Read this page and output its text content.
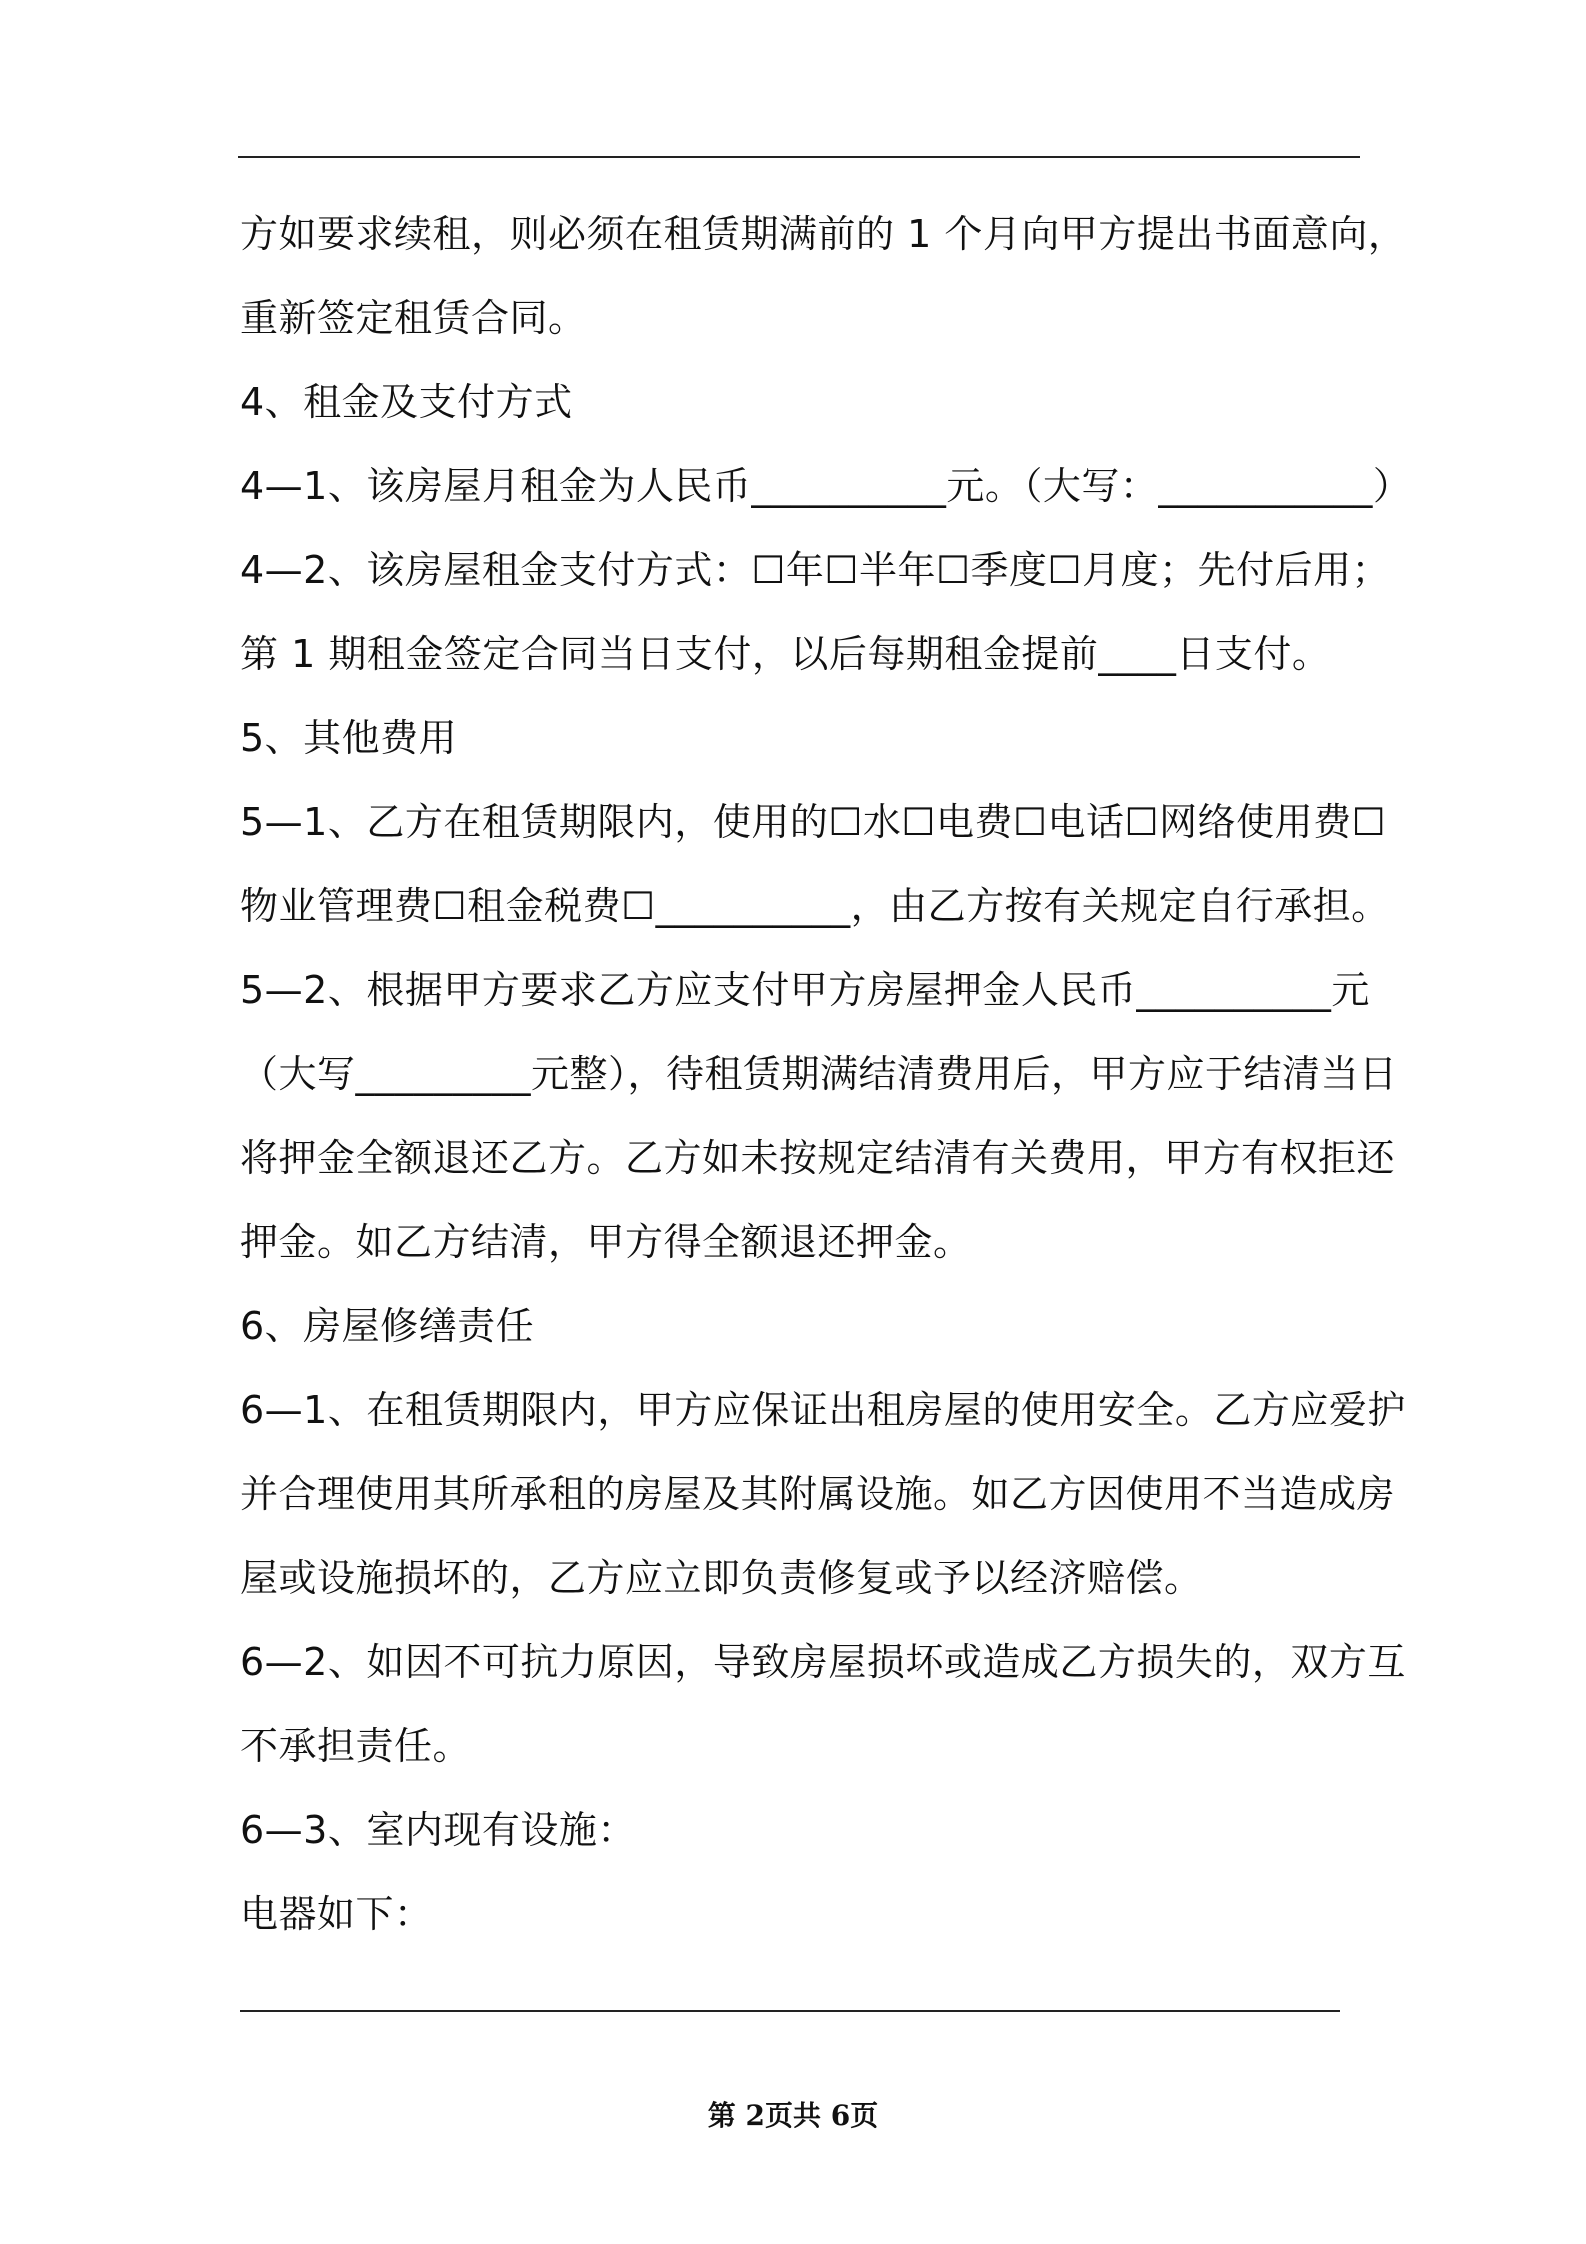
方如要求续租，则必须在租赁期满前的 1 个月向甲方提出书面意向，
重新签定租赁合同。
4、租金及支付方式
4—1、该房屋月租金为人民币__________元。（大写：___________）
4—2、该房屋租金支付方式：☐年☐半年☐季度☐月度；先付后用；
第 1 期租金签定合同当日支付，以后每期租金提前____日支付。
5、其他费用
5—1、乙方在租赁期限内，使用的☐水☐电费☐电话☐网络使用费☐
物业管理费☐租金税费☐__________，由乙方按有关规定自行承担。
5—2、根据甲方要求乙方应支付甲方房屋押金人民币__________元
（大写_________元整），待租赁期满结清费用后，甲方应于结清当日
将押金全额退还乙方。乙方如未按规定结清有关费用，甲方有权拒还
押金。如乙方结清，甲方得全额退还押金。
6、房屋修缮责任
6—1、在租赁期限内，甲方应保证出租房屋的使用安全。乙方应爱护
并合理使用其所承租的房屋及其附属设施。如乙方因使用不当造成房
屋或设施损坏的，乙方应立即负责修复或予以经济赔偿。
6—2、如因不可抗力原因，导致房屋损坏或造成乙方损失的，双方互
不承担责任。
6—3、室内现有设施：
电器如下：
第 2页共 6页
